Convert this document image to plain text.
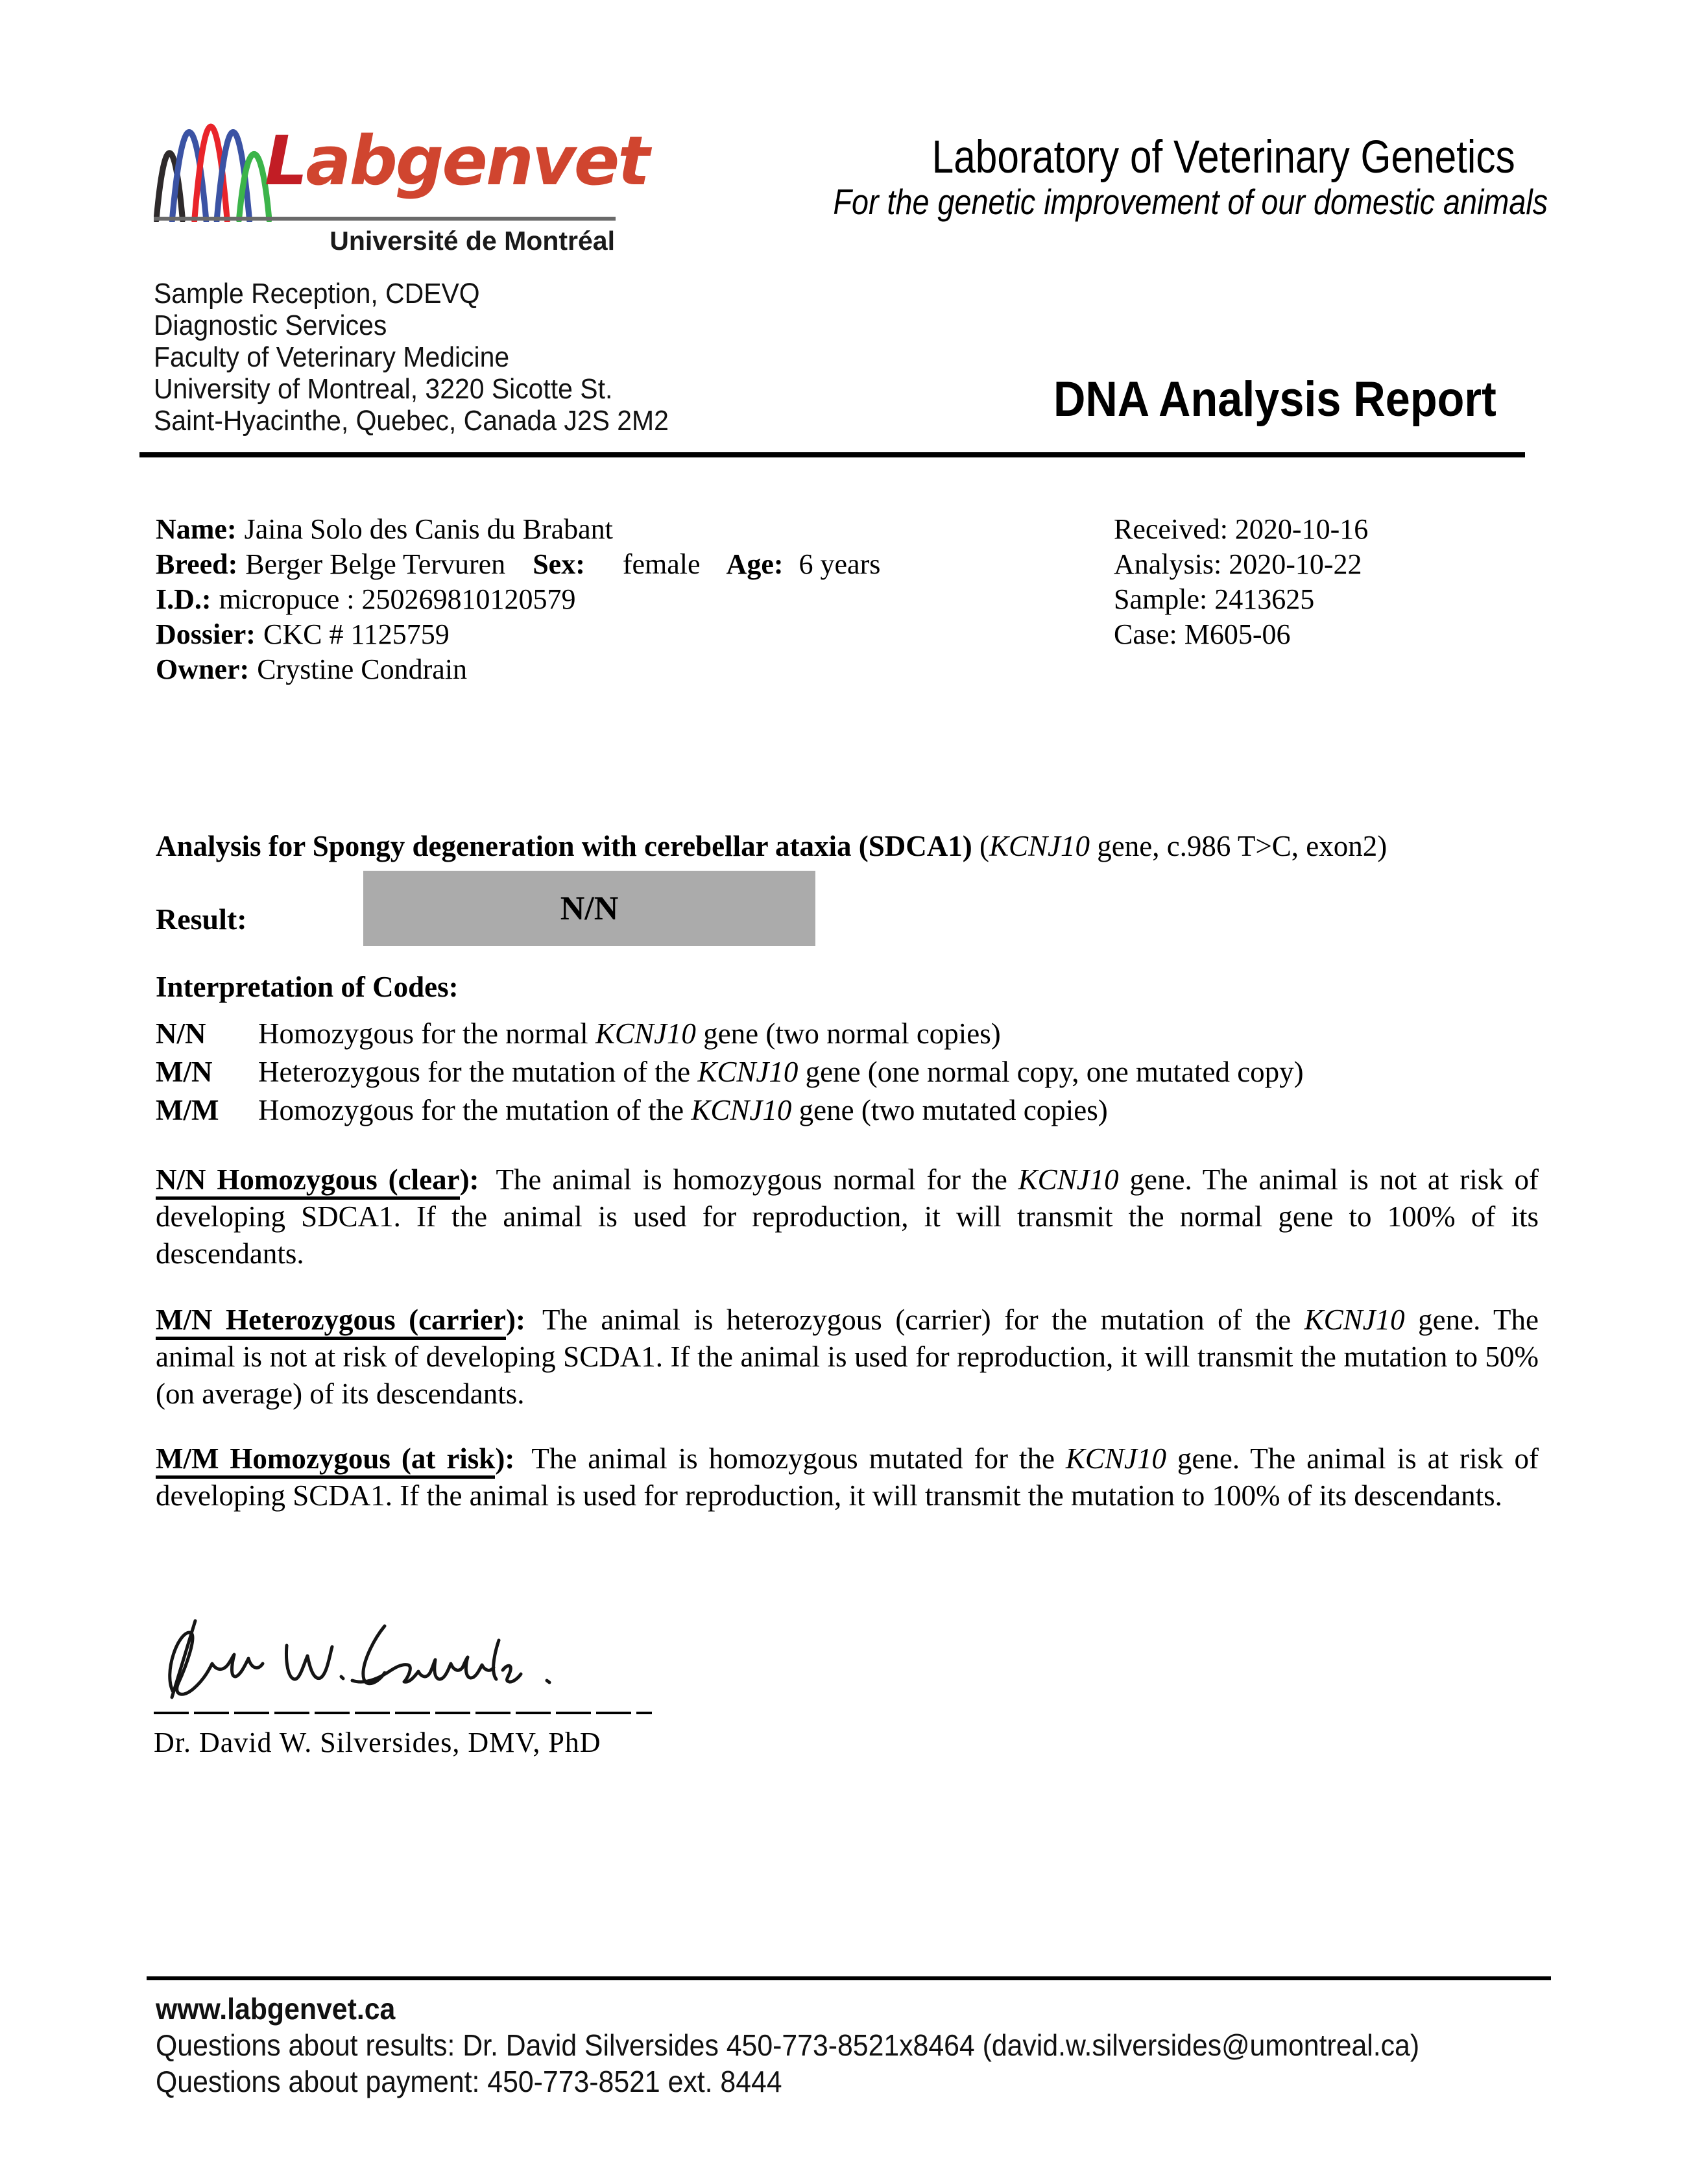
Labgenvet
Université de Montréal
Laboratory of Veterinary Genetics
For the genetic improvement of our domestic animals
Sample Reception, CDEVQ
Diagnostic Services
Faculty of Veterinary Medicine
University of Montreal, 3220 Sicotte St.
Saint-Hyacinthe, Quebec, Canada J2S 2M2	DNA Analysis Report
Name: Jaina Solo des Canis du Brabant
Breed: Berger Belge Tervuren Sex: female Age: 6 years
I.D.: micropuce : 250269810120579
Dossier: CKC # 1125759
Owner: Crystine Condrain
Received: 2020-10-16
Analysis: 2020-10-22
Sample: 2413625
Case: M605-06
Analysis for Spongy degeneration with cerebellar ataxia (SDCA1) (KCNJ10 gene, c.986 T>C, exon2)
Result:	N/N
Interpretation of Codes:
N/N Homozygous for the normal KCNJ10 gene (two normal copies)
M/N Heterozygous for the mutation of the KCNJ10 gene (one normal copy, one mutated copy)
M/M Homozygous for the mutation of the KCNJ10 gene (two mutated copies)

N/N Homozygous (clear): The animal is homozygous normal for the KCNJ10 gene. The animal is not at risk of developing SDCA1. If the animal is used for reproduction, it will transmit the normal gene to 100% of its descendants.

M/N Heterozygous (carrier): The animal is heterozygous (carrier) for the mutation of the KCNJ10 gene. The animal is not at risk of developing SCDA1. If the animal is used for reproduction, it will transmit the mutation to 50% (on average) of its descendants.

M/M Homozygous (at risk): The animal is homozygous mutated for the KCNJ10 gene. The animal is at risk of developing SCDA1. If the animal is used for reproduction, it will transmit the mutation to 100% of its descendants.

Dr. David W. Silversides, DMV, PhD
www.labgenvet.ca
Questions about results: Dr. David Silversides 450-773-8521x8464 (david.w.silversides@umontreal.ca)
Questions about payment: 450-773-8521 ext. 8444
